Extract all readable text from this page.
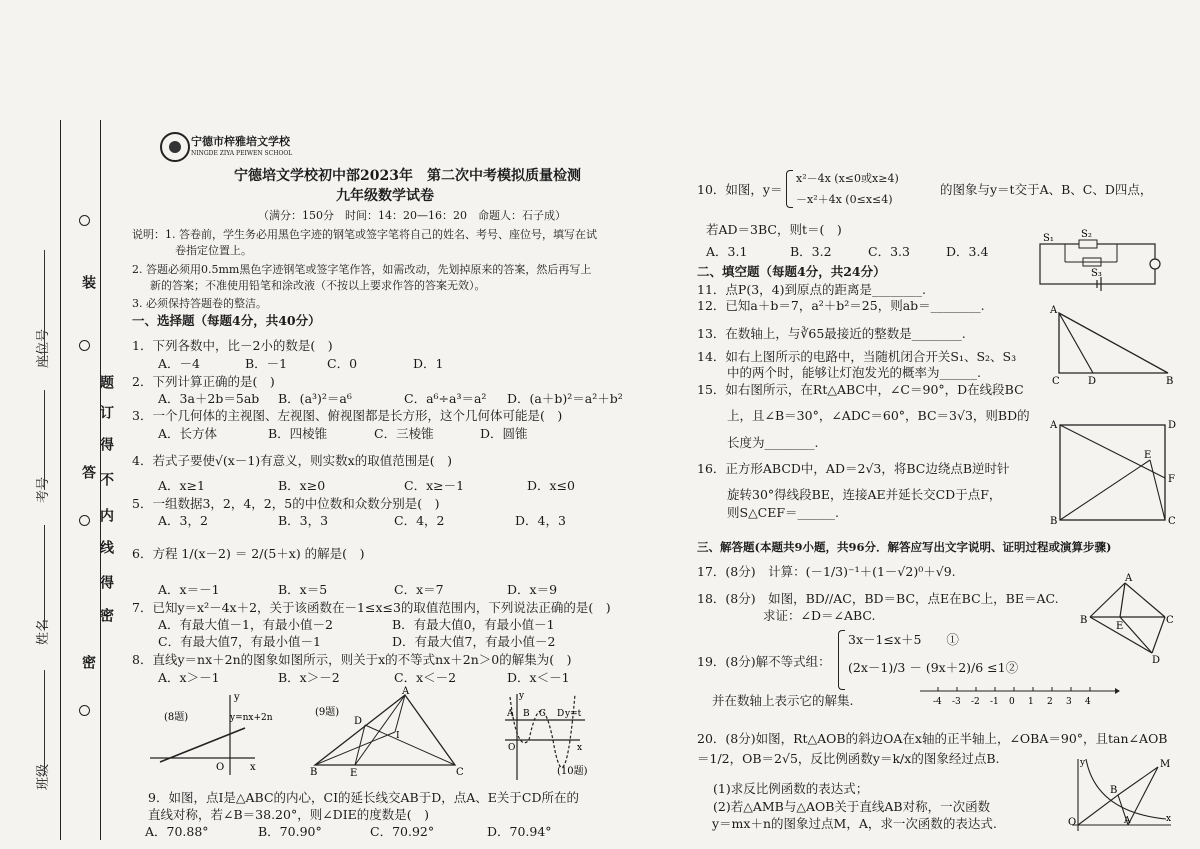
座位号
考号
姓名
班级
装
题
订
得
答 不
内
线
得
密
密
宁德市梓雅培文学校
NINGDE ZIYA PEIWEN SCHOOL
宁德培文学校初中部2023年　第二次中考模拟质量检测
九年级数学试卷
（满分：150分　时间：14：20—16：20　命题人：石子成）
说明：1. 答卷前，学生务必用黑色字迹的钢笔或签字笔将自己的姓名、考号、座位号，填写在试
卷指定位置上。
2. 答题必须用0.5mm黑色字迹钢笔或签字笔作答，如需改动，先划掉原来的答案，然后再写上
新的答案；不准使用铅笔和涂改液（不按以上要求作答的答案无效）。
3. 必须保持答题卷的整洁。
一、选择题（每题4分，共40分）
1．下列各数中，比－2小的数是(　)
A．－4	B．－1	C．0	D．1
2．下列计算正确的是(　)
A．3a＋2b＝5ab B．(a³)²＝a⁶	C．a⁶÷a³＝a² D．(a＋b)²＝a²＋b²
3．一个几何体的主视图、左视图、俯视图都是长方形，这个几何体可能是(　)
A．长方体	B．四棱锥	C．三棱锥	D．圆锥
4．若式子要使√(x－1)有意义，则实数x的取值范围是(　)
A．x≥1	B．x≥0	C．x≥－1	D．x≤0
5．一组数据3，2，4，2，5的中位数和众数分别是(　)
A．3，2	B．3，3	C．4，2	D．4，3
6．方程 1/(x－2) ＝ 2/(5＋x) 的解是(　)
A．x＝－1	B．x＝5	C．x＝7	D．x＝9
7．已知y＝x²－4x＋2，关于该函数在－1≤x≤3的取值范围内，下列说法正确的是(　)
A．有最大值－1，有最小值－2	B．有最大值0，有最小值－1
C．有最大值7，有最小值－1	D．有最大值7，有最小值－2
8．直线y＝nx＋2n的图象如图所示，则关于x的不等式nx＋2n＞0的解集为(　)
A．x＞－1	B．x＞－2	C．x＜－2	D．x＜－1
(8题)	y=nx+2n
O	x
y
(9题)
A
B	C
D
E
I
y=t
A B C D
O	x
y
(10题)
9．如图，点I是△ABC的内心，CI的延长线交AB于D，点A、E关于CD所在的
直线对称，若∠B＝38.20°，则∠DIE的度数是(　)
A．70.88°	B．70.90°	C．70.92°	D．70.94°
10．如图，y＝
x²－4x (x≤0或x≥4)
－x²＋4x (0≤x≤4)
的图象与y＝t交于A、B、C、D四点，
若AD＝3BC，则t＝(　)
A．3.1	B．3.2	C．3.3	D．3.4
S₁	S₂
S₃
二、填空题（每题4分，共24分）
11．点P(3，4)到原点的距离是________.
12．已知a＋b＝7，a²＋b²＝25，则ab＝________.
13．在数轴上，与∛65最接近的整数是________.
14．如右上图所示的电路中，当随机闭合开关S₁、S₂、S₃
中的两个时，能够让灯泡发光的概率为______.
15．如右图所示，在Rt△ABC中，∠C＝90°，D在线段BC
上，且∠B＝30°，∠ADC＝60°，BC＝3√3，则BD的
长度为________.
A
C	D	B
16．正方形ABCD中，AD＝2√3，将BC边绕点B逆时针
旋转30°得线段BE，连接AE并延长交CD于点F，
则S△CEF＝______.
A	D
E
F
B	C
三、解答题(本题共9小题，共96分．解答应写出文字说明、证明过程或演算步骤)
17．(8分)　计算：(－1/3)⁻¹＋(1－√2)⁰＋√9.
18．(8分)　如图，BD//AC，BD＝BC，点E在BC上，BE＝AC.
求证：∠D＝∠ABC.
A
B	C
E
D
19．(8分)解不等式组：
3x－1≤x＋5　　①
(2x－1)/3 － (9x＋2)/6 ≤1②
并在数轴上表示它的解集.	-4 -3 -2 -1 0 1 2 3 4
20．(8分)如图，Rt△AOB的斜边OA在x轴的正半轴上，∠OBA＝90°，且tan∠AOB
＝1/2，OB＝2√5，反比例函数y＝k/x的图象经过点B.
(1)求反比例函数的表达式；
(2)若△AMB与△AOB关于直线AB对称，一次函数
y＝mx＋n的图象过点M，A，求一次函数的表达式.
y
B
M
A
O	x
